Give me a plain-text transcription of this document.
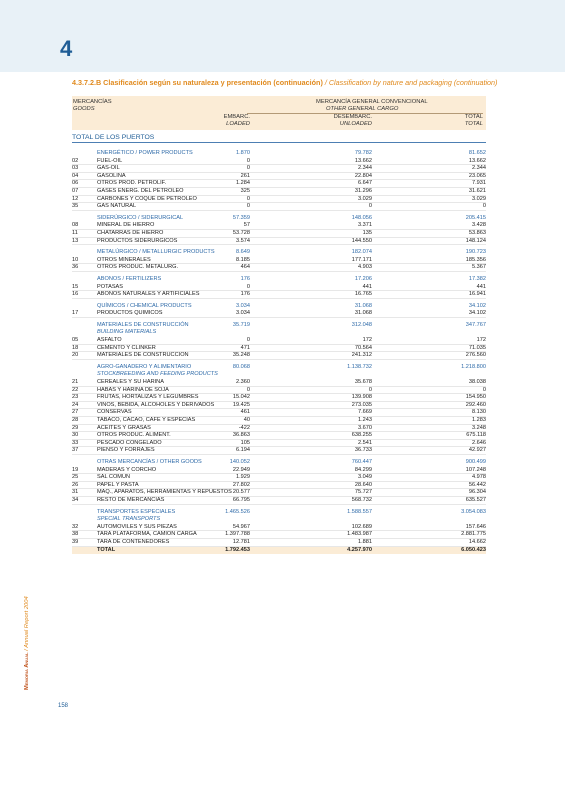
4
4.3.7.2.B Clasificación según su naturaleza y presentación (continuación) / Classification by nature and packaging (continuation)
MERCANCÍAS
GOODS
MERCANCÍA GENERAL CONVENCIONAL
OTHER GENERAL CARGO
EMBARC.
LOADED
DESEMBARC.
UNLOADED
TOTAL
TOTAL
TOTAL DE LOS PUERTOS
ENERGÉTICO / POWER PRODUCTS	1.870	79.782	81.652
02	FUEL-OIL	0	13.662	13.662
03	GAS-OIL	0	2.344	2.344
04	GASOLINA	261	22.804	23.065
06	OTROS PROD. PETROLIF.	1.284	6.647	7.931
07	GASES ENERG. DEL PETROLEO	325	31.296	31.621
12	CARBONES Y COQUE DE PETROLEO	0	3.029	3.029
35	GAS NATURAL	0	0	0
SIDERÚRGICO / SIDERURGICAL	57.359	148.056	205.415
08	MINERAL DE HIERRO	57	3.371	3.428
11	CHATARRAS DE HIERRO	53.728	135	53.863
13	PRODUCTOS SIDERURGICOS	3.574	144.550	148.124
METALÚRGICO / METALLURGIC PRODUCTS	8.649	182.074	190.723
10	OTROS MINERALES	8.185	177.171	185.356
36	OTROS PRODUC. METALURG.	464	4.903	5.367
ABONOS / FERTILIZERS	176	17.206	17.382
15	POTASAS	0	441	441
16	ABONOS NATURALES Y ARTIFICIALES	176	16.765	16.941
QUÍMICOS / CHEMICAL PRODUCTS	3.034	31.068	34.102
17	PRODUCTOS QUIMICOS	3.034	31.068	34.102
MATERIALES DE CONSTRUCCIÓN	35.719	312.048	347.767
BUILDING MATERIALS
05	ASFALTO	0	172	172
18	CEMENTO Y CLINKER	471	70.564	71.035
20	MATERIALES DE CONSTRUCCION	35.248	241.312	276.560
AGRO-GANADERO Y ALIMENTARIO	80.068	1.138.732	1.218.800
STOCKBREEDING AND FEEDING PRODUCTS
21	CEREALES Y SU HARINA	2.360	35.678	38.038
22	HABAS Y HARINA DE SOJA	0	0	0
23	FRUTAS, HORTALIZAS Y LEGUMBRES	15.042	139.908	154.950
24	VINOS, BEBIDA, ALCOHOLES Y DERIVADOS	19.425	273.035	292.460
27	CONSERVAS	461	7.669	8.130
28	TABACO, CACAO, CAFE Y ESPECIAS	40	1.243	1.283
29	ACEITES Y GRASAS	-422	3.670	3.248
30	OTROS PRODUC. ALIMENT.	36.863	638.255	675.118
33	PESCADO CONGELADO	105	2.541	2.646
37	PIENSO Y FORRAJES	6.194	36.733	42.927
OTRAS MERCANCÍAS / OTHER GOODS	140.052	760.447	900.499
19	MADERAS Y CORCHO	22.949	84.299	107.248
25	SAL COMUN	1.929	3.049	4.978
26	PAPEL Y PASTA	27.802	28.640	56.442
31	MAQ., APARATOS, HERRAMIENTAS Y REPUESTOS 20.577	75.727	96.304
34	RESTO DE MERCANCIAS	66.795	568.732	635.527
TRANSPORTES ESPECIALES	1.465.526	1.588.557	3.054.083
SPECIAL TRANSPORTS
32	AUTOMOVILES Y SUS PIEZAS	54.967	102.689	157.646
38	TARA PLATAFORMA, CAMION CARGA	1.397.788	1.483.987	2.881.775
39	TARA DE CONTENEDORES	12.781	1.881	14.662
TOTAL	1.792.453	4.257.970	6.050.423
Memoria Anual / Annual Report 2004
158
